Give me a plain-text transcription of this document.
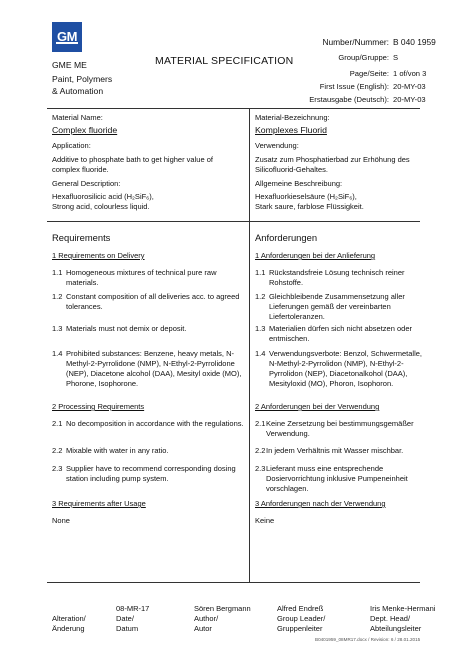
GM
GME ME
Paint, Polymers
& Automation
MATERIAL SPECIFICATION
Number/Nummer: B 040 1959
Group/Gruppe: S
Page/Seite: 1 of/von 3
First Issue (English): 20-MY-03
Erstausgabe (Deutsch): 20-MY-03
Material Name:
Complex fluoride
Application:
Additive to phosphate bath to get higher value of complex fluoride.
General Description:
Hexafluorosilicic acid (H₂SiF₆),
Strong acid, colourless liquid.
Material-Bezeichnung:
Komplexes Fluorid
Verwendung:
Zusatz zum Phosphatierbad zur Erhöhung des Silicofluorid-Gehaltes.
Allgemeine Beschreibung:
Hexafluorkieselsäure (H₂SiF₆),
Stark saure, farblose Flüssigkeit.
Requirements
1 Requirements on Delivery
1.1 Homogeneous mixtures of technical pure raw materials.
1.2 Constant composition of all deliveries acc. to agreed tolerances.
1.3 Materials must not demix or deposit.
1.4 Prohibited substances: Benzene, heavy metals, N-Methyl-2-Pyrrolidone (NMP), N-Ethyl-2-Pyrrolidone (NEP), Diacetone alcohol (DAA), Mesityl oxide (MO), Phorone, Isophorone.
2 Processing Requirements
2.1 No decomposition in accordance with the regulations.
2.2 Mixable with water in any ratio.
2.3 Supplier have to recommend corresponding dosing station including pump system.
3 Requirements after Usage
None
Anforderungen
1 Anforderungen bei der Anlieferung
1.1 Rückstandsfreie Lösung technisch reiner Rohstoffe.
1.2 Gleichbleibende Zusammensetzung aller Lieferungen gemäß der vereinbarten Liefertoleranzen.
1.3 Materialien dürfen sich nicht absetzen oder entmischen.
1.4 Verwendungsverbote: Benzol, Schwermetalle, N-Methyl-2-Pyrrolidon (NMP), N-Ethyl-2-Pyrrolidon (NEP), Diacetonalkohol (DAA), Mesityloxid (MO), Phoron, Isophoron.
2 Anforderungen bei der Verwendung
2.1 Keine Zersetzung bei bestimmungsgemäßer Verwendung.
2.2 In jedem Verhältnis mit Wasser mischbar.
2.3 Lieferant muss eine entsprechende Dosiervorrichtung inklusive Pumpeneinheit vorschlagen.
3 Anforderungen nach der Verwendung
Keine
Alteration/
Änderung
08-MR-17
Date/
Datum
Sören Bergmann
Author/
Autor
Alfred Endreß
Group Leader/
Gruppenleiter
Iris Menke-Hermani
Dept. Head/
Abteilungsleiter
B0401959_08MR17.docx / Revision: 6 / 28.01.2015
